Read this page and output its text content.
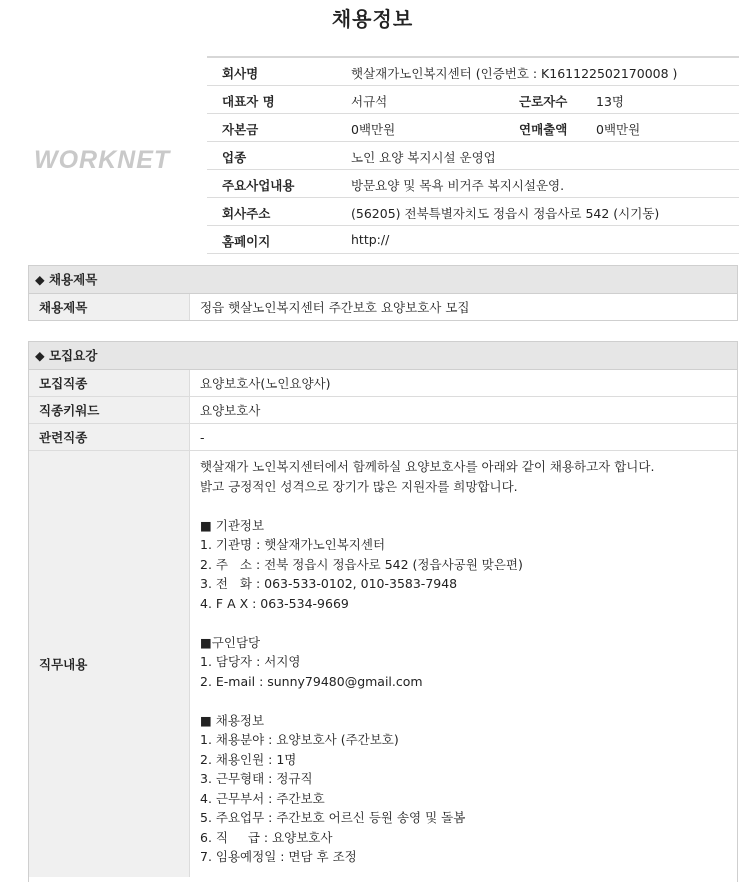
채용정보
WORKNET
회사명	햇살재가노인복지센터 (인증번호 : K161122502170008 )
대표자 명	서규석	근로자수 13명
자본금	0백만원	연매출액 0백만원
업종	노인 요양 복지시설 운영업
주요사업내용	방문요양 및 목욕 비거주 복지시설운영.
회사주소	(56205) 전북특별자치도 정읍시 정읍사로 542 (시기동)
홈페이지	http://
◆ 채용제목
채용제목	정읍 햇살노인복지센터 주간보호 요양보호사 모집
◆ 모집요강
모집직종	요양보호사(노인요양사)
직종키워드	요양보호사
관련직종	-
직무내용
햇살재가 노인복지센터에서 함께하실 요양보호사를 아래와 같이 채용하고자 합니다.
밝고 긍정적인 성격으로 장기가 많은 지원자를 희망합니다.
■ 기관정보
1. 기관명 : 햇살재가노인복지센터
2. 주   소 : 전북 정읍시 정읍사로 542 (정읍사공원 맞은편)
3. 전   화 : 063-533-0102, 010-3583-7948
4. F A X : 063-534-9669
■구인담당
1. 담당자 : 서지영
2. E-mail : sunny79480@gmail.com
■ 채용정보
1. 채용분야 : 요양보호사 (주간보호)
2. 채용인원 : 1명
3. 근무형태 : 정규직
4. 근무부서 : 주간보호
5. 주요업무 : 주간보호 어르신 등원 송영 및 돌봄
6. 직     급 : 요양보호사
7. 임용예정일 : 면담 후 조정
